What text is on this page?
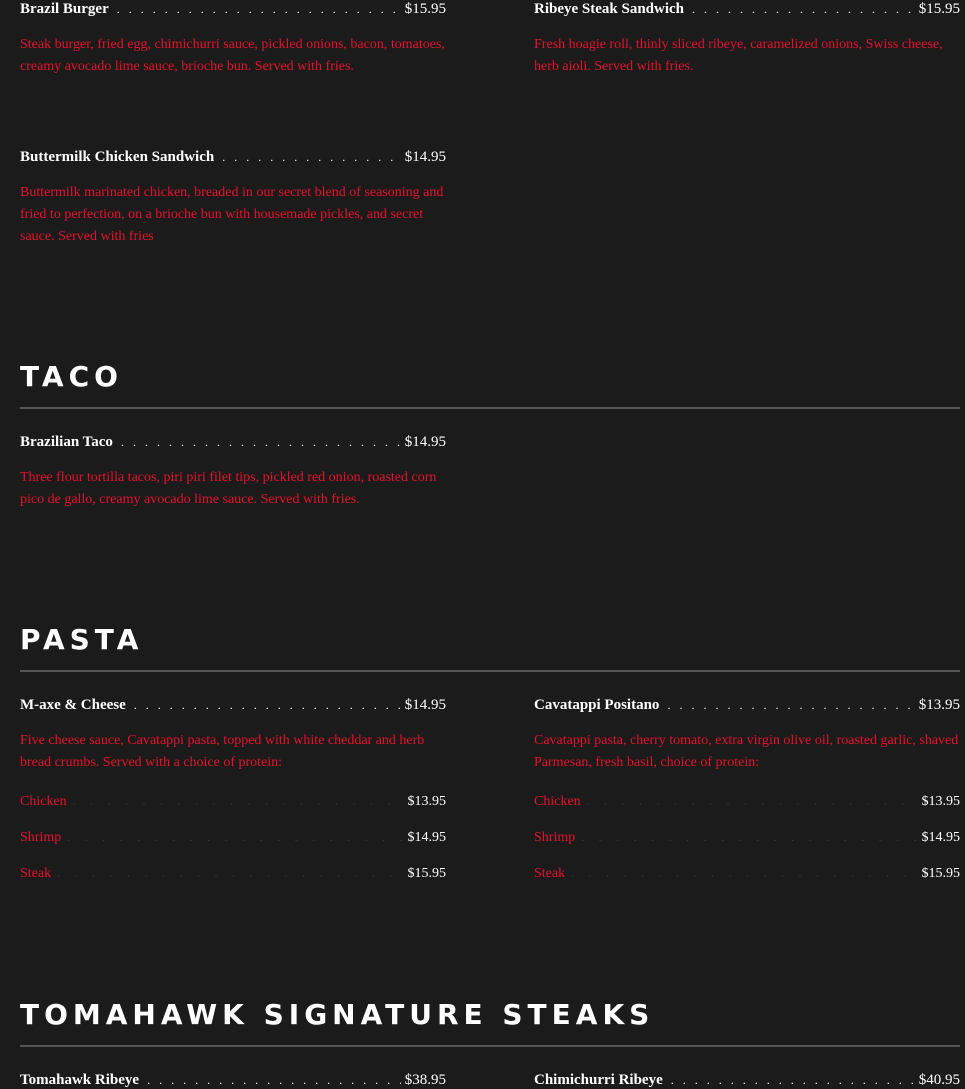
Brazil Burger . . .	$15.95
Steak burger, fried egg, chimichurri sauce, pickled onions, bacon, tomatoes, creamy avocado lime sauce, brioche bun. Served with fries.
Ribeye Steak Sandwich . . .	$15.95
Fresh hoagie roll, thinly sliced ribeye, caramelized onions, Swiss cheese, herb aioli. Served with fries.
Buttermilk Chicken Sandwich . . .	$14.95
Buttermilk marinated chicken, breaded in our secret blend of seasoning and fried to perfection, on a brioche bun with housemade pickles, and secret sauce. Served with fries
TACO
Brazilian Taco . . .	$14.95
Three flour tortilla tacos, piri piri filet tips, pickled red onion, roasted corn pico de gallo, creamy avocado lime sauce. Served with fries.
PASTA
M-axe & Cheese . . .	$14.95
Five cheese sauce, Cavatappi pasta, topped with white cheddar and herb bread crumbs. Served with a choice of protein:
Chicken . . .	$13.95
Shrimp . . .	$14.95
Steak . . .	$15.95
Cavatappi Positano . . .	$13.95
Cavatappi pasta, cherry tomato, extra virgin olive oil, roasted garlic, shaved Parmesan, fresh basil, choice of protein:
Chicken . . .	$13.95
Shrimp . . .	$14.95
Steak . . .	$15.95
TOMAHAWK SIGNATURE STEAKS
Tomahawk Ribeye . . .	$38.95	Chimichurri Ribeye . . .	$40.95
